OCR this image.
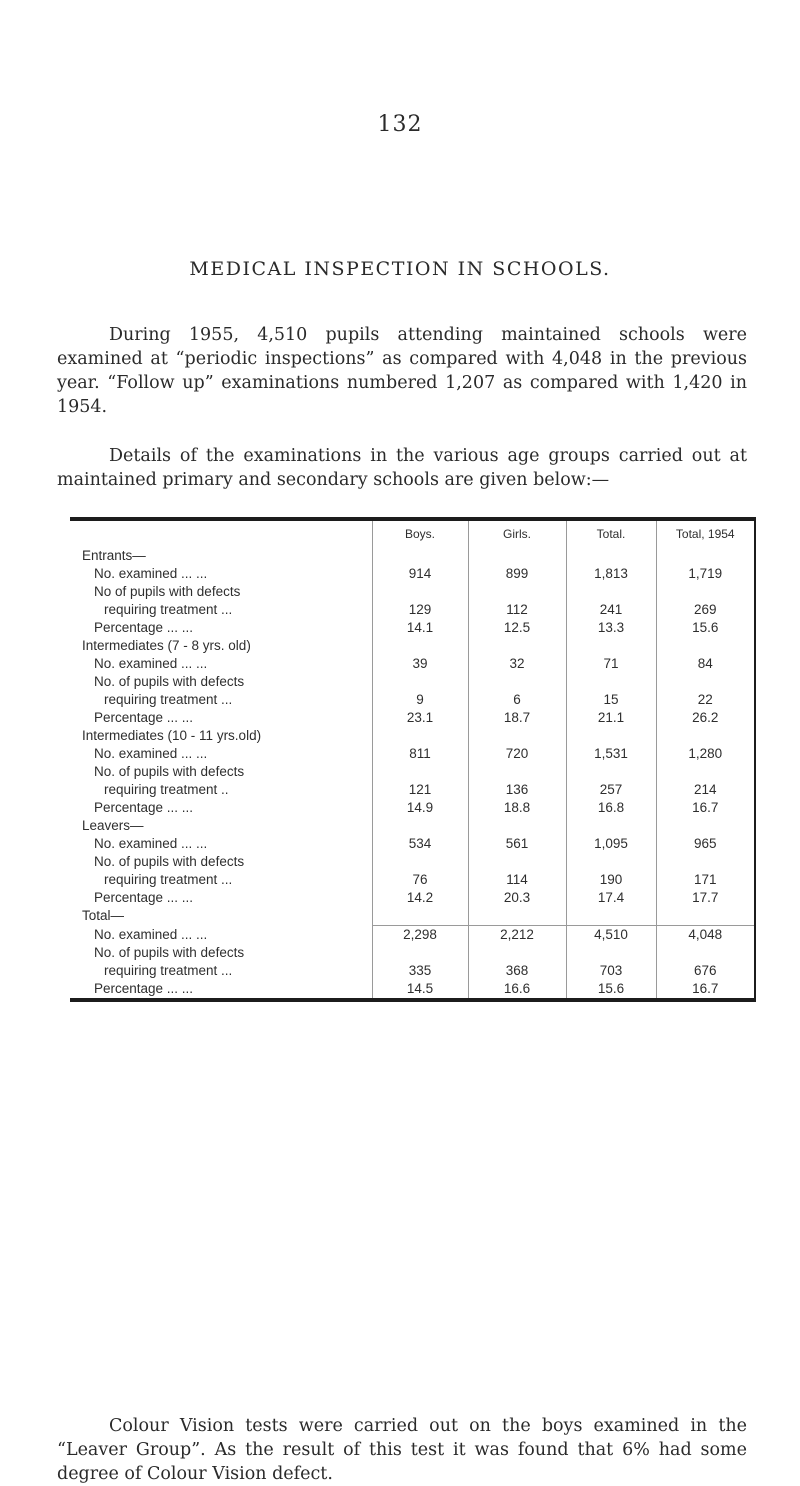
132
MEDICAL INSPECTION IN SCHOOLS.

During 1955, 4,510 pupils attending maintained schools were examined at “periodic inspections” as compared with 4,048 in the previous year. “Follow up” examinations numbered 1,207 as compared with 1,420 in 1954.

Details of the examinations in the various age groups carried out at maintained primary and secondary schools are given below:—

	Boys.	Girls.	Total.	Total, 1954
Entrants—				
No. examined ... ...	914	899	1,813	1,719
No of pupils with defects				
requiring treatment ...	129	112	241	269
Percentage ... ...	14.1	12.5	13.3	15.6
Intermediates (7 - 8 yrs. old)				
No. examined ... ...	39	32	71	84
No. of pupils with defects				
requiring treatment ...	9	6	15	22
Percentage ... ...	23.1	18.7	21.1	26.2
Intermediates (10 - 11 yrs.old)				
No. examined ... ...	811	720	1,531	1,280
No. of pupils with defects				
requiring treatment ..	121	136	257	214
Percentage ... ...	14.9	18.8	16.8	16.7
Leavers—				
No. examined ... ...	534	561	1,095	965
No. of pupils with defects				
requiring treatment ...	76	114	190	171
Percentage ... ...	14.2	20.3	17.4	17.7
Total—				
No. examined ... ...	2,298	2,212	4,510	4,048
No. of pupils with defects				
requiring treatment ...	335	368	703	676
Percentage ... ...	14.5	16.6	15.6	16.7

Colour Vision tests were carried out on the boys examined in the “Leaver Group”. As the result of this test it was found that 6% had some degree of Colour Vision defect.
